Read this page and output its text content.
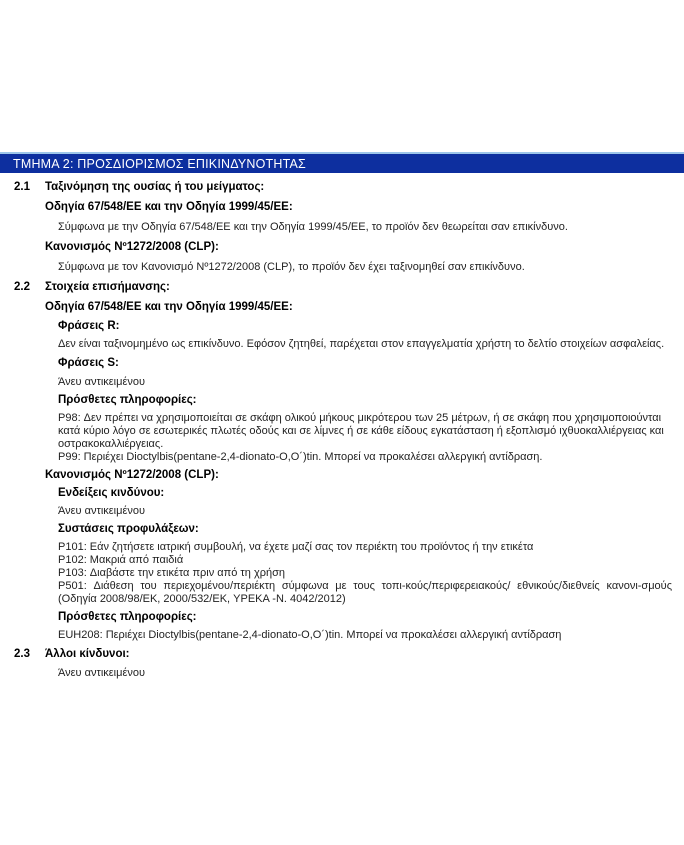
ΤΜΗΜΑ 2: ΠΡΟΣΔΙΟΡΙΣΜΟΣ ΕΠΙΚΙΝΔΥΝΟΤΗΤΑΣ
2.1	Ταξινόμηση της ουσίας ή του μείγματος:
Οδηγία 67/548/ΕΕ και την Οδηγία 1999/45/ΕΕ:
Σύμφωνα με την Οδηγία 67/548/ΕΕ και την Οδηγία 1999/45/ΕΕ, το προϊόν δεν θεωρείται σαν επικίνδυνο.
Κανονισμός Nº1272/2008 (CLP):
Σύμφωνα με τον Κανονισμό Nº1272/2008 (CLP), το προϊόν δεν έχει ταξινομηθεί σαν επικίνδυνο.
2.2	Στοιχεία επισήμανσης:
Οδηγία 67/548/ΕΕ και την Οδηγία 1999/45/ΕΕ:
Φράσεις R:
Δεν είναι ταξινομημένο ως επικίνδυνο. Εφόσον ζητηθεί, παρέχεται στον επαγγελματία χρήστη το δελτίο στοιχείων ασφαλείας.
Φράσεις S:
Άνευ αντικειμένου
Πρόσθετες πληροφορίες:
P98: Δεν πρέπει να χρησιμοποιείται σε σκάφη ολικού μήκους μικρότερου των 25 μέτρων, ή σε σκάφη που χρησιμοποιούνται κατά κύριο λόγο σε εσωτερικές πλωτές οδούς και σε λίμνες ή σε κάθε είδους εγκατάσταση ή εξοπλισμό ιχθυοκαλλιέργειας και οστρακοκαλλιέργειας.
P99: Περιέχει Dioctylbis(pentane-2,4-dionato-O,O´)tin. Μπορεί να προκαλέσει αλλεργική αντίδραση.
Κανονισμός Nº1272/2008 (CLP):
Ενδείξεις κινδύνου:
Άνευ αντικειμένου
Συστάσεις προφυλάξεων:
P101: Εάν ζητήσετε ιατρική συμβουλή, να έχετε μαζί σας τον περιέκτη του προϊόντος ή την ετικέτα
P102: Μακριά από παιδιά
P103: Διαβάστε την ετικέτα πριν από τη χρήση
P501: Διάθεση του περιεχομένου/περιέκτη σύμφωνα με τους τοπι-κούς/περιφερειακούς/ εθνικούς/διεθνείς κανονι-σμούς
(Οδηγία 2008/98/ΕΚ, 2000/532/ΕΚ, YPEKA -N. 4042/2012)
Πρόσθετες πληροφορίες:
EUH208: Περιέχει Dioctylbis(pentane-2,4-dionato-O,O´)tin. Μπορεί να προκαλέσει αλλεργική αντίδραση
2.3	Άλλοι κίνδυνοι:
Άνευ αντικειμένου
